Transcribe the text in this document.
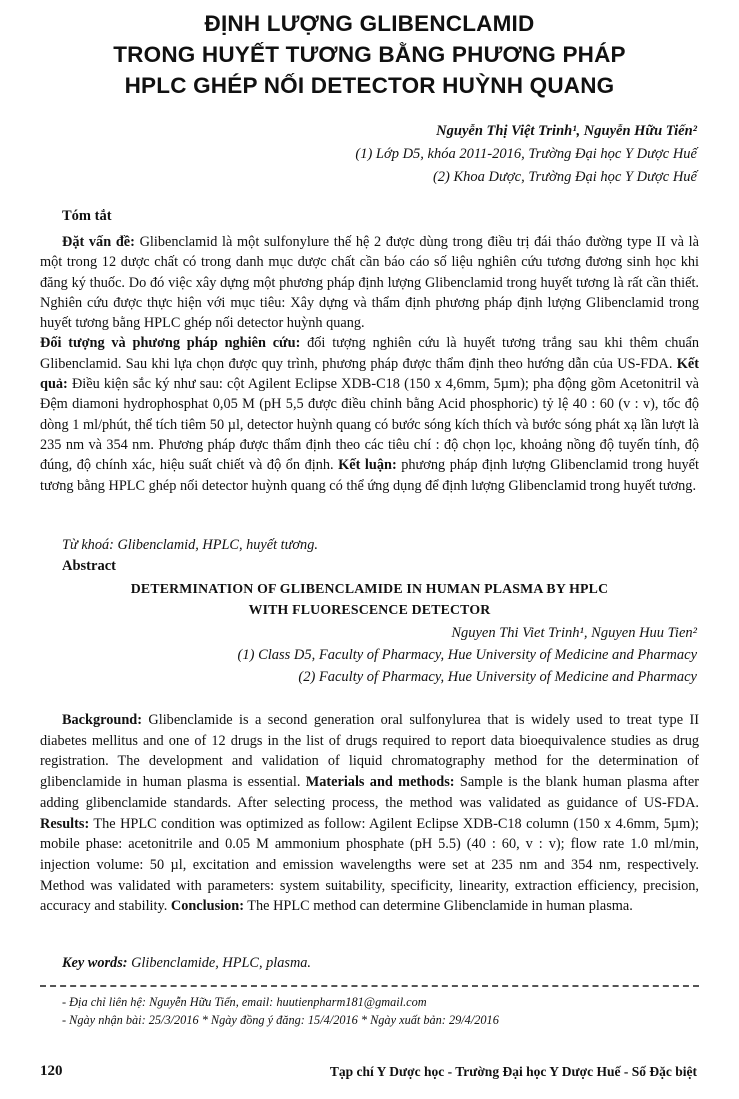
ĐỊNH LƯỢNG GLIBENCLAMID
TRONG HUYẾT TƯƠNG BẰNG PHƯƠNG PHÁP
HPLC GHÉP NỐI DETECTOR HUỲNH QUANG
Nguyễn Thị Việt Trinh¹, Nguyễn Hữu Tiến²
(1) Lớp D5, khóa 2011-2016, Trường Đại học Y Dược Huế
(2) Khoa Dược, Trường Đại học Y Dược Huế
Tóm tắt
Đặt vấn đề: Glibenclamid là một sulfonylure thế hệ 2 được dùng trong điều trị đái tháo đường type II và là một trong 12 dược chất có trong danh mục dược chất cần báo cáo số liệu nghiên cứu tương đương sinh học khi đăng ký thuốc. Do đó việc xây dựng một phương pháp định lượng Glibenclamid trong huyết tương là rất cần thiết. Nghiên cứu được thực hiện với mục tiêu: Xây dựng và thẩm định phương pháp định lượng Glibenclamid trong huyết tương bằng HPLC ghép nối detector huỳnh quang.
Đối tượng và phương pháp nghiên cứu: đối tượng nghiên cứu là huyết tương trắng sau khi thêm chuẩn Glibenclamid. Sau khi lựa chọn được quy trình, phương pháp được thẩm định theo hướng dẫn của US-FDA. Kết quả: Điều kiện sắc ký như sau: cột Agilent Eclipse XDB-C18 (150 x 4,6mm, 5µm); pha động gồm Acetonitril và Đệm diamoni hydrophosphat 0,05 M (pH 5,5 được điều chỉnh bằng Acid phosphoric) tỷ lệ 40 : 60 (v : v), tốc độ dòng 1 ml/phút, thể tích tiêm 50 µl, detector huỳnh quang có bước sóng kích thích và bước sóng phát xạ lần lượt là 235 nm và 354 nm. Phương pháp được thẩm định theo các tiêu chí : độ chọn lọc, khoảng nồng độ tuyến tính, độ đúng, độ chính xác, hiệu suất chiết và độ ổn định. Kết luận: phương pháp định lượng Glibenclamid trong huyết tương bằng HPLC ghép nối detector huỳnh quang có thể ứng dụng để định lượng Glibenclamid trong huyết tương.
Từ khoá: Glibenclamid, HPLC, huyết tương.
Abstract
DETERMINATION OF GLIBENCLAMIDE IN HUMAN PLASMA BY HPLC
WITH FLUORESCENCE DETECTOR
Nguyen Thi Viet Trinh¹, Nguyen Huu Tien²
(1) Class D5, Faculty of Pharmacy, Hue University of Medicine and Pharmacy
(2) Faculty of Pharmacy, Hue University of Medicine and Pharmacy
Background: Glibenclamide is a second generation oral sulfonylurea that is widely used to treat type II diabetes mellitus and one of 12 drugs in the list of drugs required to report data bioequivalence studies as drug registration. The development and validation of liquid chromatography method for the determination of glibenclamide in human plasma is essential. Materials and methods: Sample is the blank human plasma after adding glibenclamide standards. After selecting process, the method was validated as guidance of US-FDA. Results: The HPLC condition was optimized as follow: Agilent Eclipse XDB-C18 column (150 x 4.6mm, 5µm); mobile phase: acetonitrile and 0.05 M ammonium phosphate (pH 5.5) (40 : 60, v : v); flow rate 1.0 ml/min, injection volume: 50 µl, excitation and emission wavelengths were set at 235 nm and 354 nm, respectively. Method was validated with parameters: system suitability, specificity, linearity, extraction efficiency, precision, accuracy and stability. Conclusion: The HPLC method can determine Glibenclamide in human plasma.
Key words: Glibenclamide, HPLC, plasma.
- Địa chỉ liên hệ: Nguyễn Hữu Tiến, email: huutienpharm181@gmail.com
- Ngày nhận bài: 25/3/2016 * Ngày đồng ý đăng: 15/4/2016 * Ngày xuất bản: 29/4/2016
120	Tạp chí Y Dược học - Trường Đại học Y Dược Huế - Số Đặc biệt
